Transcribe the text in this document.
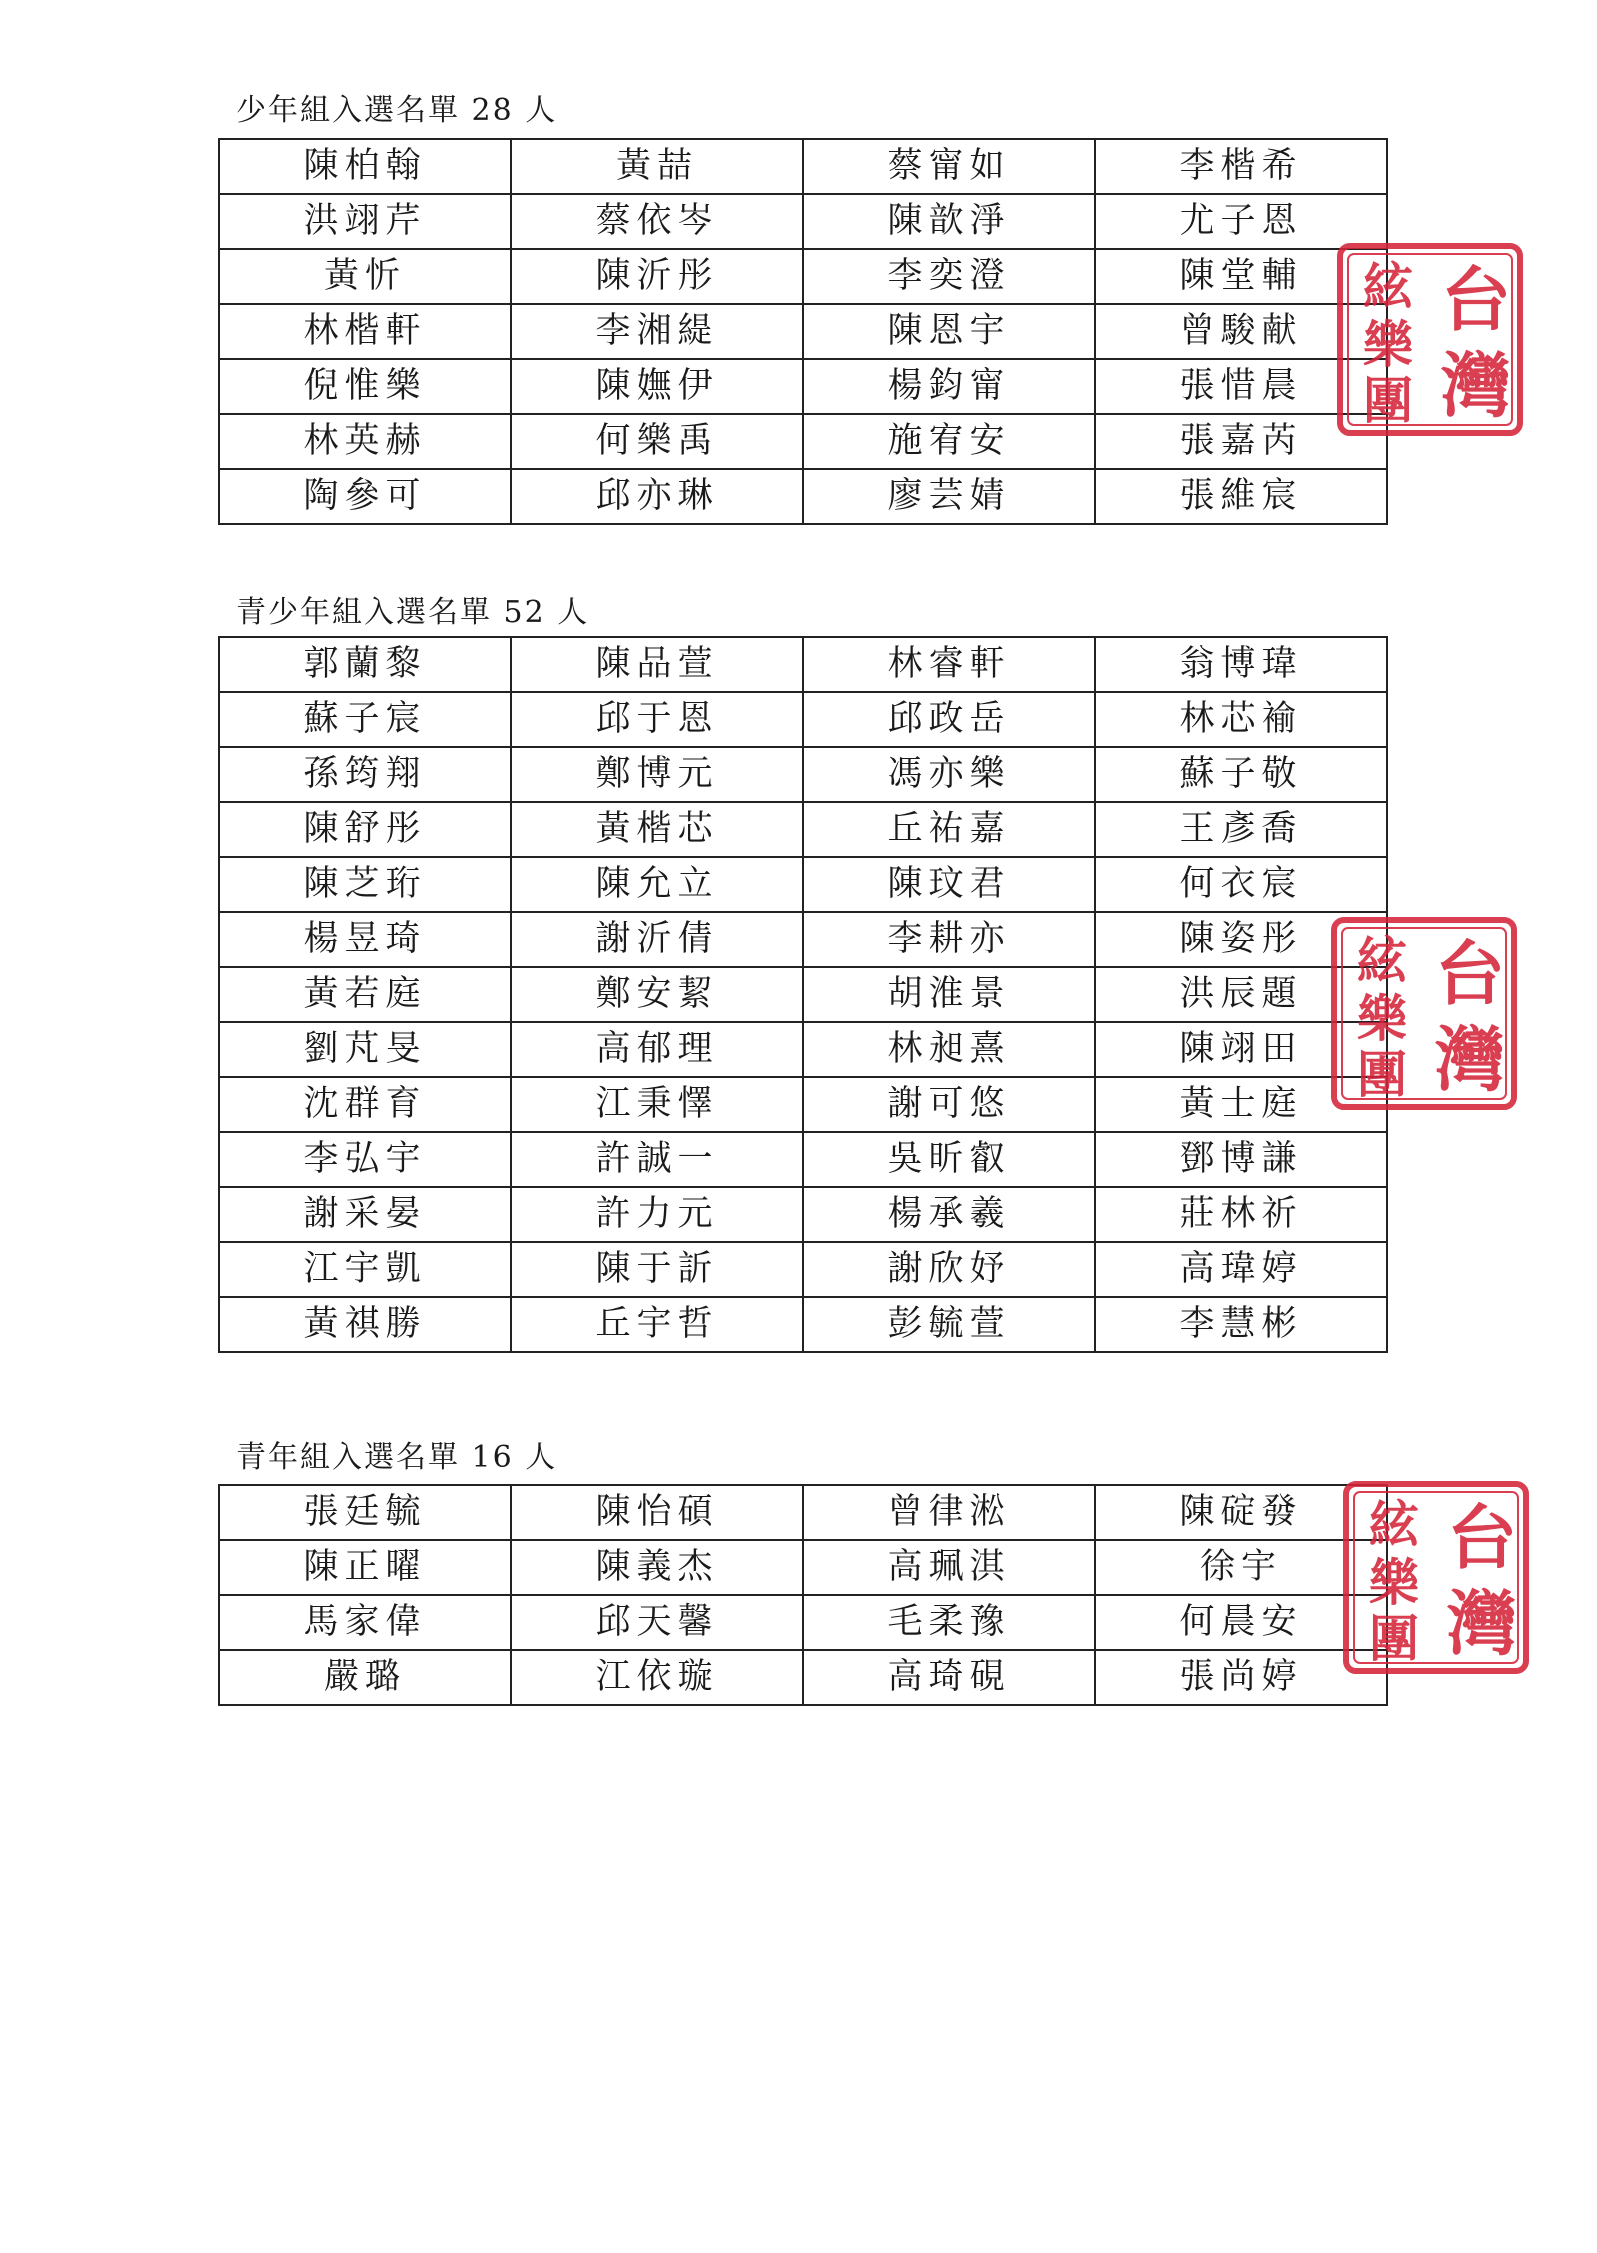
少年組入選名單 28 人
陳柏翰	黃喆	蔡甯如	李楷希
洪翊芹	蔡依岑	陳歆淨	尤子恩
黃忻	陳沂彤	李奕澄	陳堂輔
林楷軒	李湘緹	陳恩宇	曾駿献
倪惟樂	陳嫵伊	楊鈞甯	張惜晨
林英赫	何樂禹	施宥安	張嘉芮
陶參可	邱亦琳	廖芸婧	張維宸
青少年組入選名單 52 人
郭蘭黎	陳品萱	林睿軒	翁博瑋
蘇子宸	邱于恩	邱政岳	林芯褕
孫筠翔	鄭博元	馮亦樂	蘇子敬
陳舒彤	黃楷芯	丘祐嘉	王彥喬
陳芝珩	陳允立	陳玟君	何衣宸
楊昱琦	謝沂倩	李耕亦	陳姿彤
黃若庭	鄭安絜	胡淮景	洪辰題
劉芃旻	高郁理	林昶熹	陳翊田
沈群育	江秉懌	謝可悠	黃士庭
李弘宇	許誠一	吳昕叡	鄧博謙
謝采晏	許力元	楊承羲	莊林祈
江宇凱	陳于訢	謝欣妤	高瑋婷
黃祺勝	丘宇哲	彭毓萱	李慧彬
青年組入選名單 16 人
張廷毓	陳怡碩	曾律淞	陳碇發
陳正曜	陳義杰	高珮淇	徐宇
馬家偉	邱天馨	毛柔豫	何晨安
嚴璐	江依璇	高琦硯	張尚婷
台
灣
絃
樂
團
台
灣
絃
樂
團
台
灣
絃
樂
團
